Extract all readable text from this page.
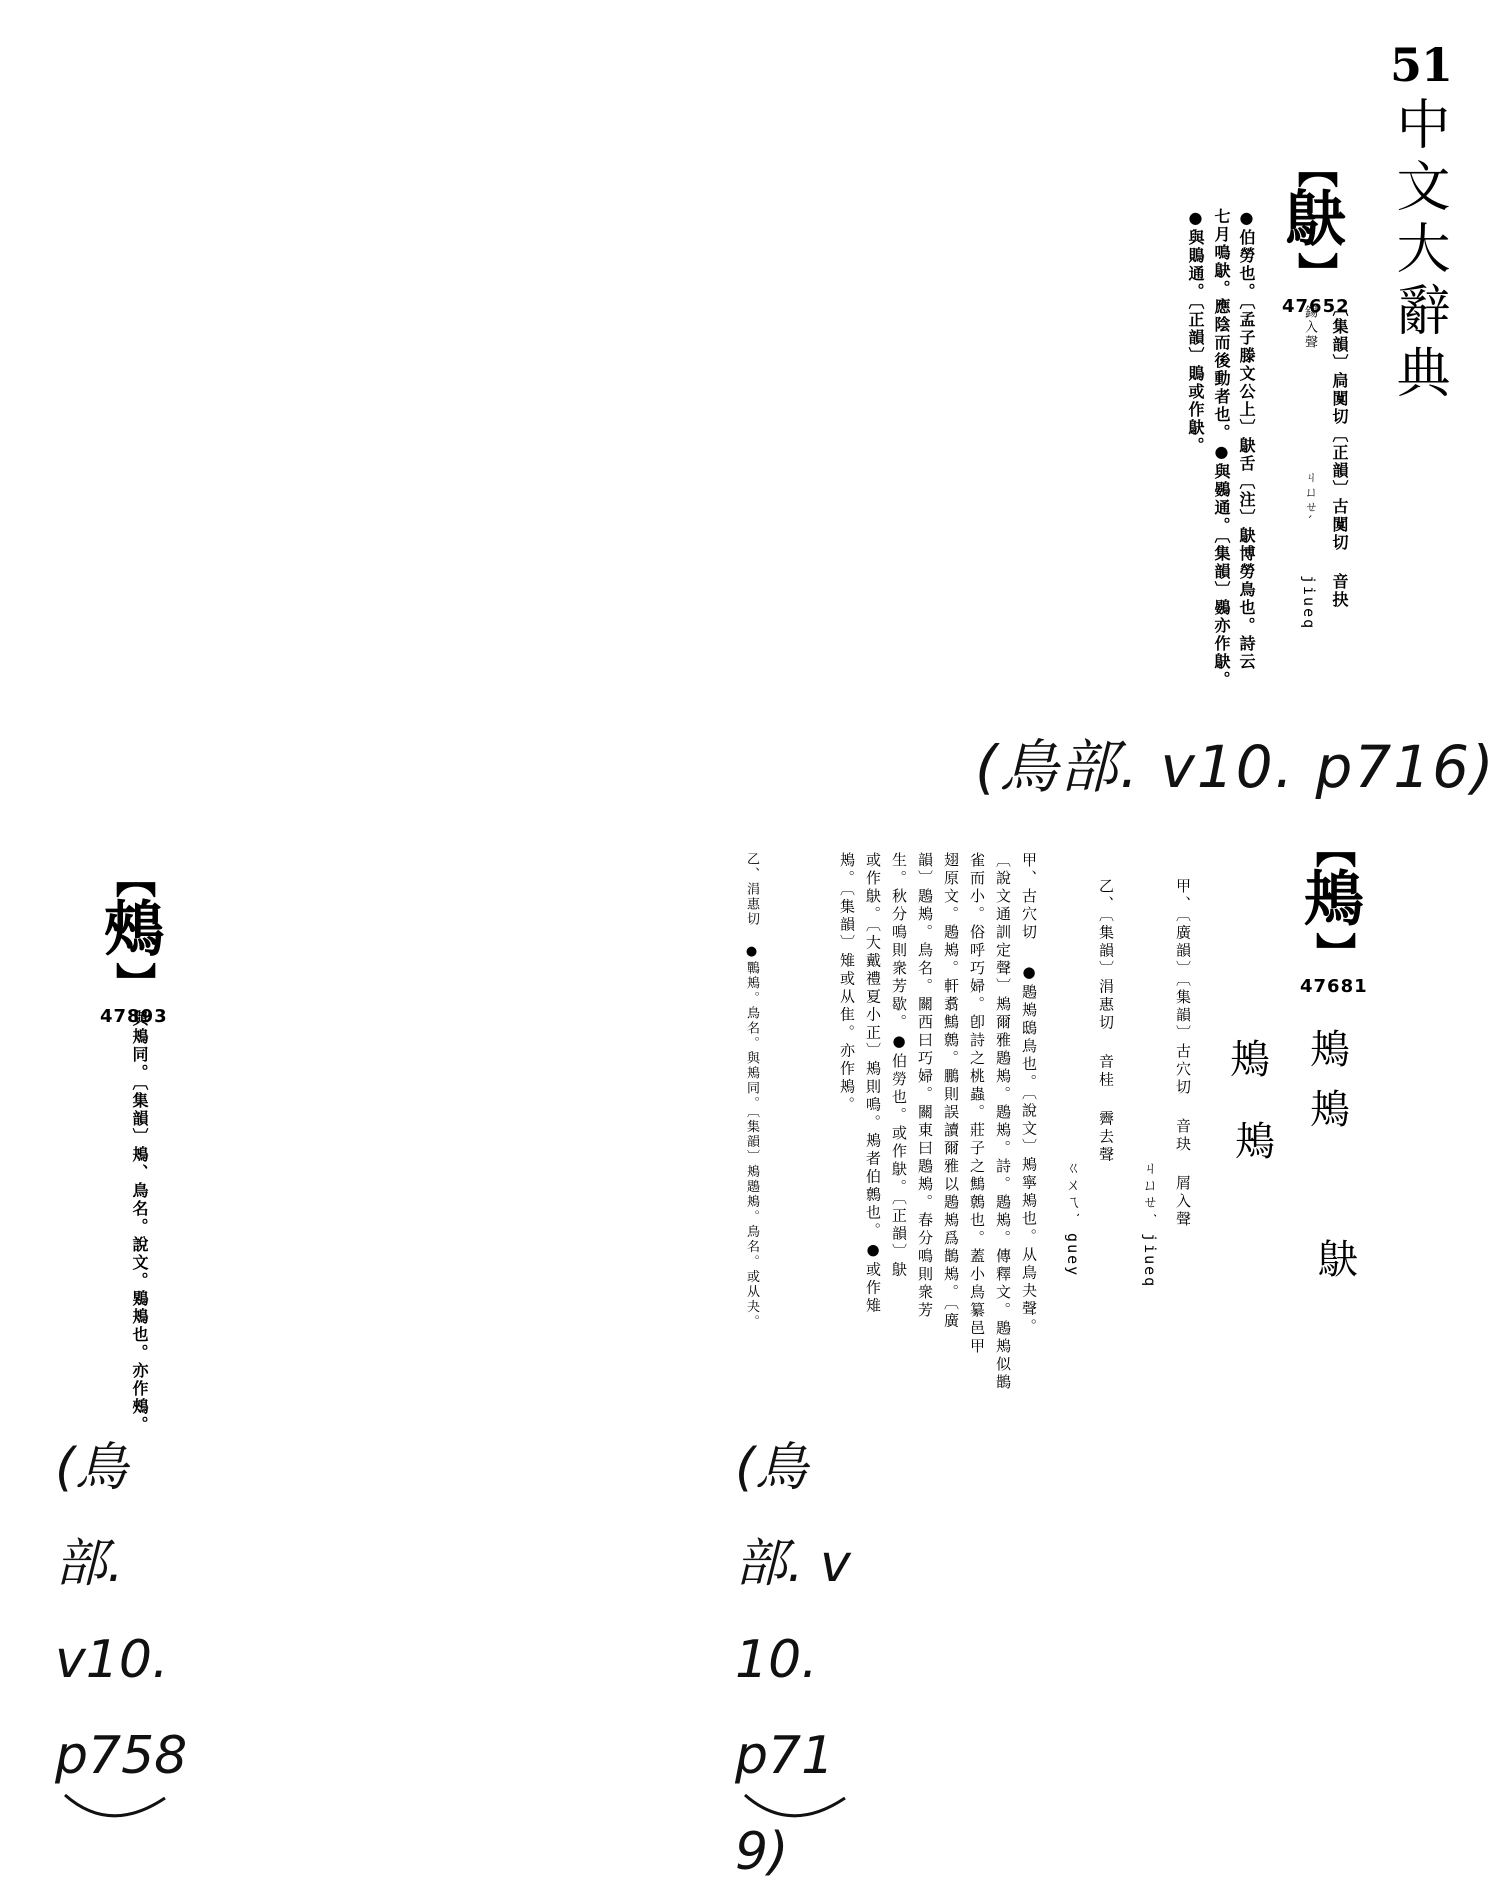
51
中文大辭典
【
鴃
】
47652
〔集韻〕扃闃切〔正韻〕古闃切 音抉
錫入聲
ㄐㄩㄝˊ
jiueq
●伯勞也。〔孟子滕文公上〕鴃舌〔注〕鴃博勞鳥也。詩云
七月鳴鴃。應陰而後動者也。●與鷃通。〔集韻〕鷃亦作鴃。
●與鵙通。〔正韻〕鵙或作鴃。
(鳥部. v10. p716)
【
鴂
】
47681
鴂
鴂
鴃
鴂
鴂
甲、〔廣韻〕〔集韻〕古穴切 音玦 屑入聲
ㄐㄩㄝˊ jiueq
乙、〔集韻〕涓惠切 音桂 霽去聲
ㄍㄨㄟˋ guey
甲、古穴切 ●鶗鴂鴟鳥也。〔說文〕鴂寧鴂也。从鳥夬聲。
〔說文通訓定聲〕鴂爾雅鶗鴂。鶗鴂。詩。鶗鴂。傳釋文。鶗鴂似鵲
雀而小。俗呼巧婦。卽詩之桃蟲。莊子之鷦鷯也。蓋小鳥纂邑甲
翅原文。鶗鴂。軒翥鷦鷯。鵬則誤讀爾雅以鶗鴂爲鵲鴂。〔廣
韻〕鶗鴂。鳥名。關西曰巧婦。關東曰鶗鴂。春分鳴則衆芳
生。秋分鳴則衆芳歇。●伯勞也。或作鴃。〔正韻〕鴃
或作鴃。〔大戴禮夏小正〕鴂則鳴。鴂者伯鷯也。●或作雉
鴂。〔集韻〕雉或从隹。亦作鴂。
乙、涓惠切 ●鷤鴂。鳥名。與鴂同。〔集韻〕鴂鶗鴂。鳥名。或从夬。
(鳥部. v10. p719)
【
鵊
】
47893
與鴂同。〔集韻〕鴂、鳥名。說文。鶪鴂也。亦作鵊。
(鳥
部.
v10.
p758
